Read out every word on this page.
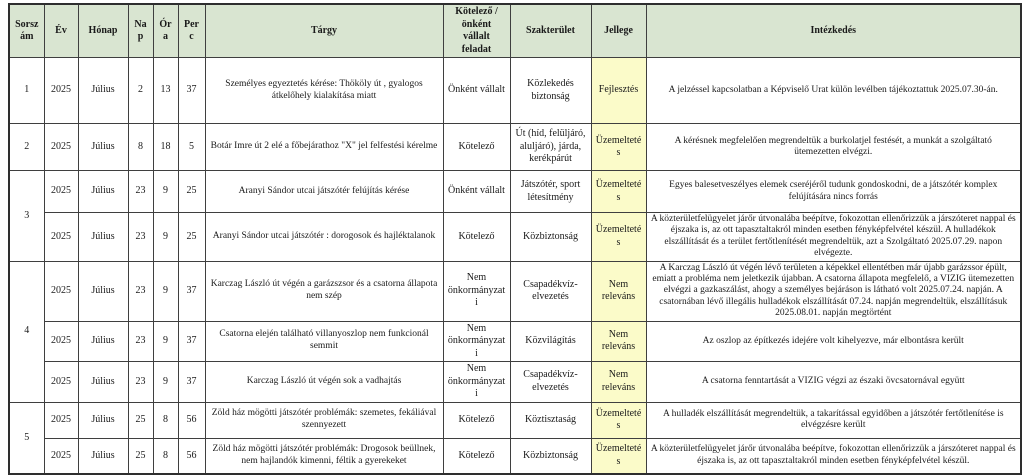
Sorszám	Év	Hónap	Nap	Óra	Perc	Tárgy	Kötelező / önként vállalt feladat	Szakterület	Jellege	Intézkedés
1	2025	Július	2	13	37	Személyes egyeztetés kérése: Thököly út , gyalogos átkelőhely kialakítása miatt	Önként vállalt	Közlekedés biztonság	Fejlesztés	A jelzéssel kapcsolatban a Képviselő Urat külön levélben tájékoztattuk 2025.07.30-án.
2	2025	Július	8	18	5	Botár Imre út 2 elé a főbejárathoz "X" jel felfestési kérelme	Kötelező	Út (híd, felüljáró, aluljáró), járda, kerékpárút	Üzemeltetés	A kérésnek megfelelően megrendeltük a burkolatjel festését, a munkát a szolgáltató ütemezetten elvégzi.
3	2025	Július	23	9	25	Aranyi Sándor utcai játszótér felújítás kérése	Önként vállalt	Játszótér, sport létesítmény	Üzemeltetés	Egyes balesetveszélyes elemek cseréjéről tudunk gondoskodni, de a játszótér komplex felújítására nincs forrás
	2025	Július	23	9	25	Aranyi Sándor utcai játszótér : dorogosok és hajléktalanok	Kötelező	Közbiztonság	Üzemeltetés	A közterületfelügyelet járőr útvonalába beépítve, fokozottan ellenőrizzük a járszóteret nappal és éjszaka is, az ott tapasztaltakról minden esetben fényképfelvétel készül. A hulladékok elszállítását és a terület fertőtlenítését megrendeltük, azt a Szolgáltató 2025.07.29. napon elvégezte.
4	2025	Július	23	9	37	Karczag László út végén a garázszsor és a csatorna állapota nem szép	Nem önkormányzati	Csapadékvíz-elvezetés	Nem releváns	A Karczag László út végén lévő területen a képekkel ellentétben már újabb garázssor épült, emiatt a probléma nem jeletkezik újabban. A csatorna állapota megfelelő, a VIZIG ütemezetten elvégzi a gazkaszálást, ahogy a személyes bejáráson is látható volt 2025.07.24. napján. A csatornában lévő illegális hulladékok elszállítását 07.24. napján megrendeltük, elszállításuk 2025.08.01. napján megtörtént
	2025	Július	23	9	37	Csatorna elején található villanyoszlop nem funkcionál semmit	Nem önkormányzati	Közvilágítás	Nem releváns	Az oszlop az építkezés idejére volt kihelyezve, már elbontásra került
	2025	Július	23	9	37	Karczag László út végén sok a vadhajtás	Nem önkormányzati	Csapadékvíz-elvezetés	Nem releváns	A csatorna fenntartását a VIZIG végzi az északi övcsatornával együtt
5	2025	Július	25	8	56	Zöld ház mögötti játszótér problémák: szemetes, fekáliával szennyezett	Kötelező	Köztisztaság	Üzemeltetés	A hulladék elszállítását megrendeltük, a takarítással egyidőben a játszótér fertőtlenítése is elvégzésre került
	2025	Július	25	8	56	Zöld ház mögötti játszótér problémák: Drogosok beüllnek, nem hajlandók kimenni, féltik a gyerekeket	Kötelező	Közbiztonság	Üzemeltetés	A közterületfelügyelet járőr útvonalába beépítve, fokozottan ellenőrizzük a járszóteret nappal és éjszaka is, az ott tapasztaltakról minden esetben fényképfelvétel készül.
